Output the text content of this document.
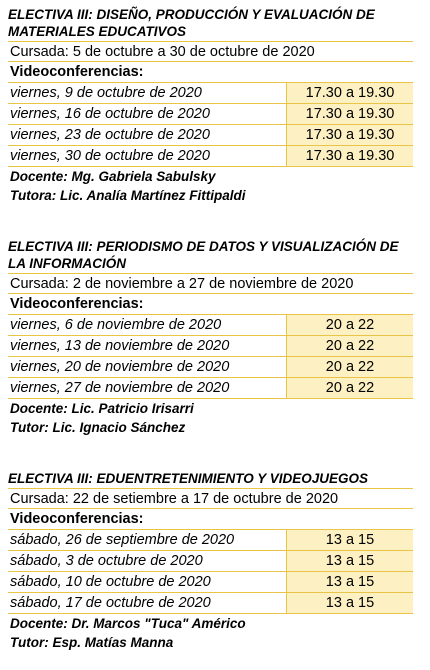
ELECTIVA III: DISEÑO, PRODUCCIÓN Y EVALUACIÓN DE MATERIALES EDUCATIVOS
Cursada: 5 de octubre a 30 de octubre de 2020
Videoconferencias:
viernes, 9 de octubre de 2020	17.30 a 19.30
viernes, 16 de octubre de 2020	17.30 a 19.30
viernes, 23 de octubre de 2020	17.30 a 19.30
viernes, 30 de octubre de 2020	17.30 a 19.30
Docente: Mg. Gabriela Sabulsky
Tutora: Lic. Analía Martínez Fittipaldi
ELECTIVA III: PERIODISMO DE DATOS Y VISUALIZACIÓN DE LA INFORMACIÓN
Cursada: 2 de noviembre a 27 de noviembre de 2020
Videoconferencias:
viernes, 6 de noviembre de 2020	20 a 22
viernes, 13 de noviembre de 2020	20 a 22
viernes, 20 de noviembre de 2020	20 a 22
viernes, 27 de noviembre de 2020	20 a 22
Docente: Lic. Patricio Irisarri
Tutor: Lic. Ignacio Sánchez
ELECTIVA III: EDUENTRETENIMIENTO Y VIDEOJUEGOS
Cursada: 22 de setiembre a 17 de octubre de 2020
Videoconferencias:
sábado, 26 de septiembre de 2020	13 a 15
sábado, 3 de octubre de 2020	13 a 15
sábado, 10 de octubre de 2020	13 a 15
sábado, 17 de octubre de 2020	13 a 15
Docente: Dr. Marcos "Tuca" Américo
Tutor: Esp. Matías Manna
